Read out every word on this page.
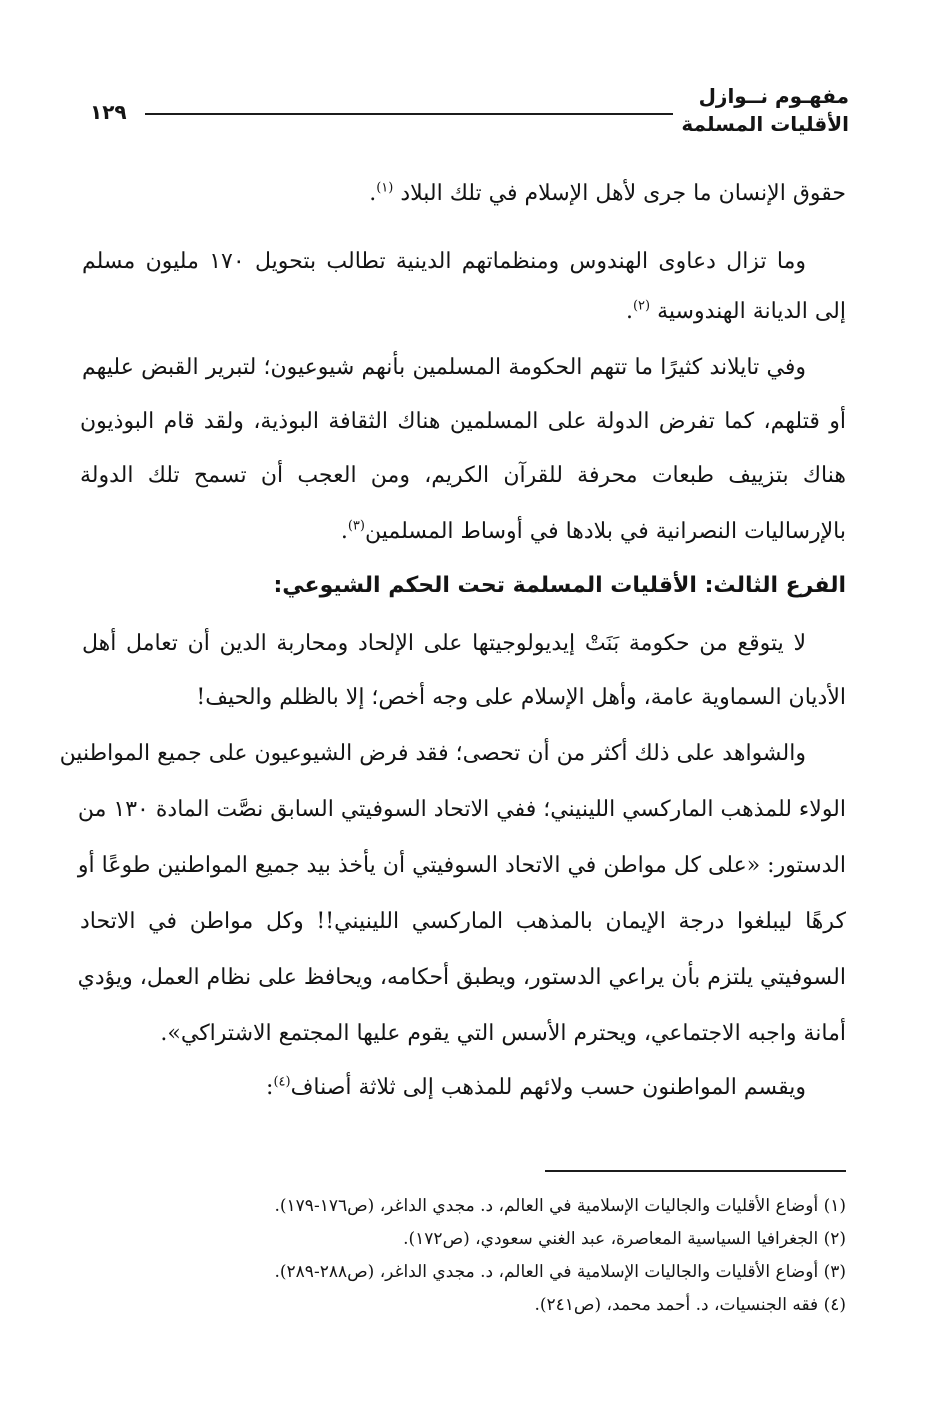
مفهـوم نــوازل
الأقليات المسلمة
١٢٩
حقوق الإنسان ما جرى لأهل الإسلام في تلك البلاد $^{(١)}$.
وما تزال دعاوى الهندوس ومنظماتهم الدينية تطالب بتحويل ١٧٠ مليون مسلم
إلى الديانة الهندوسية $^{(٢)}$.
وفي تايلاند كثيرًا ما تتهم الحكومة المسلمين بأنهم شيوعيون؛ لتبرير القبض عليهم
أو قتلهم، كما تفرض الدولة على المسلمين هناك الثقافة البوذية، ولقد قام البوذيون
هناك بتزييف طبعات محرفة للقرآن الكريم، ومن العجب أن تسمح تلك الدولة
بالإرساليات النصرانية في بلادها في أوساط المسلمين$^{(٣)}$.
الفرع الثالث: الأقليات المسلمة تحت الحكم الشيوعي:
لا يتوقع من حكومة بَنَتْ إيديولوجيتها على الإلحاد ومحاربة الدين أن تعامل أهل
الأديان السماوية عامة، وأهل الإسلام على وجه أخص؛ إلا بالظلم والحيف!
والشواهد على ذلك أكثر من أن تحصى؛ فقد فرض الشيوعيون على جميع المواطنين
الولاء للمذهب الماركسي اللينيني؛ ففي الاتحاد السوفيتي السابق نصَّت المادة ١٣٠ من
الدستور: «على كل مواطن في الاتحاد السوفيتي أن يأخذ بيد جميع المواطنين طوعًا أو
كرهًا ليبلغوا درجة الإيمان بالمذهب الماركسي اللينيني!! وكل مواطن في الاتحاد
السوفيتي يلتزم بأن يراعي الدستور، ويطبق أحكامه، ويحافظ على نظام العمل، ويؤدي
أمانة واجبه الاجتماعي، ويحترم الأسس التي يقوم عليها المجتمع الاشتراكي».
ويقسم المواطنون حسب ولائهم للمذهب إلى ثلاثة أصناف$^{(٤)}$:
(١) أوضاع الأقليات والجاليات الإسلامية في العالم، د. مجدي الداغر، (ص١٧٦-١٧٩).
(٢) الجغرافيا السياسية المعاصرة، عبد الغني سعودي، (ص١٧٢).
(٣) أوضاع الأقليات والجاليات الإسلامية في العالم، د. مجدي الداغر، (ص٢٨٨-٢٨٩).
(٤) فقه الجنسيات، د. أحمد محمد، (ص٢٤١).
